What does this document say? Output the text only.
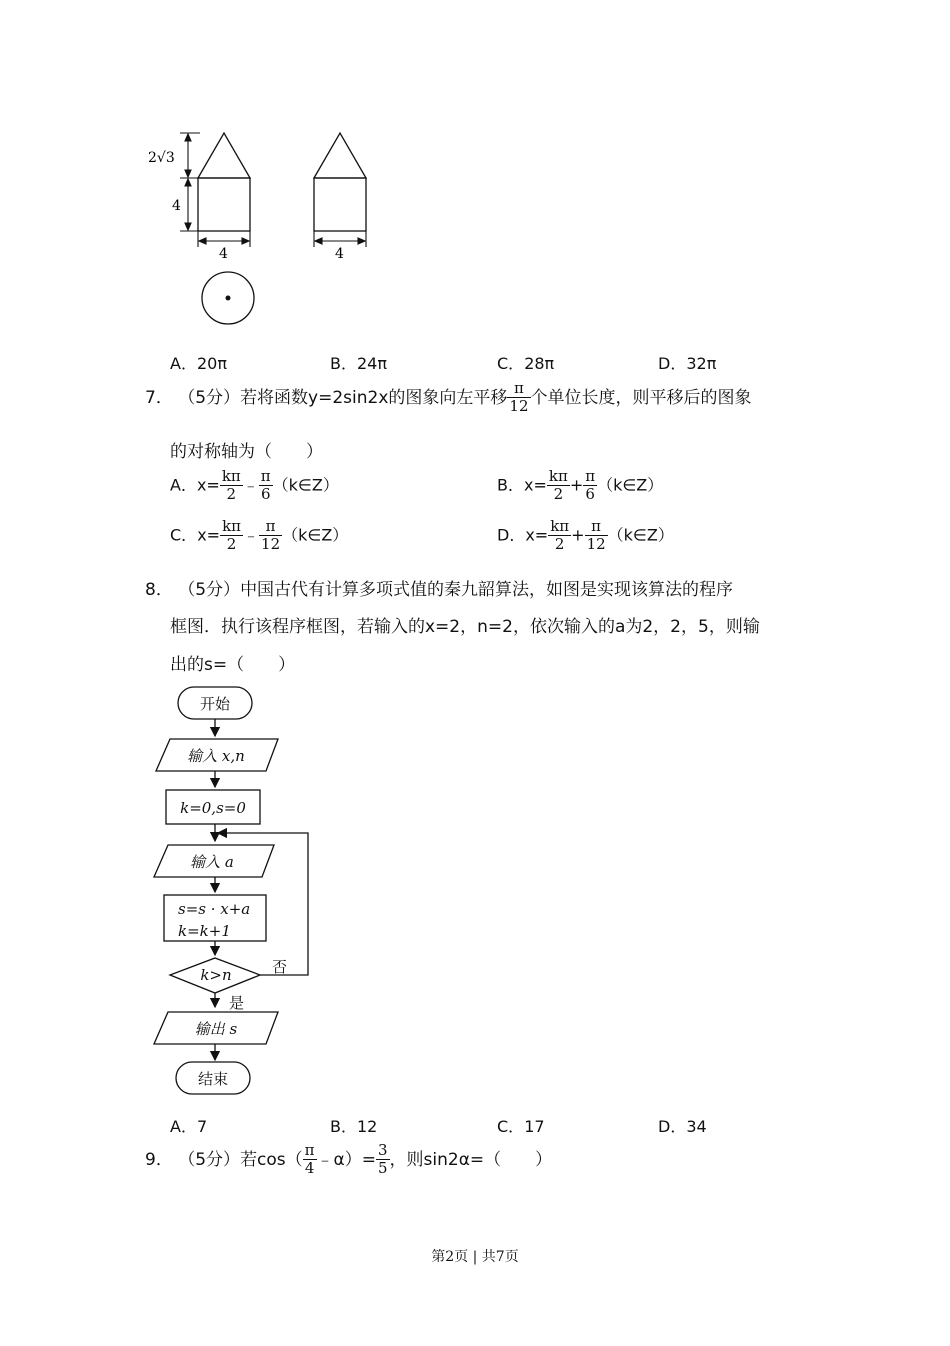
2√3
4
4	4
A．20π	B．24π	C．28π	D．32π
7． （5分）若将函数y=2sin2x的图象向左平移 $\frac{\pi}{12}$ 个单位长度，则平移后的图象
的对称轴为（　　）
A．$x= \frac{k\pi}{2}$ ﹣ $\frac{\pi}{6}$ （k∈Z）	B．$x= \frac{k\pi}{2} + \frac{\pi}{6}$ （k∈Z）
C．$x= \frac{k\pi}{2}$ ﹣ $\frac{\pi}{12}$ （k∈Z）	D．$x= \frac{k\pi}{2} + \frac{\pi}{12}$ （k∈Z）
8． （5分）中国古代有计算多项式值的秦九韶算法，如图是实现该算法的程序
框图．执行该程序框图，若输入的x=2，n=2，依次输入的a为2，2，5，则输
出的s=（　　）
开始
输入 x,n
k=0,s=0
输入 a
s=s · x+a
k=k+1
k>n	否
是
输出 s
结束
A．7	B．12	C．17	D．34
9． （5分）若$\cos( \frac{\pi}{4}$ ﹣α）= $\frac{3}{5}$ ，则sin2α=（　　）
第2页 | 共7页
